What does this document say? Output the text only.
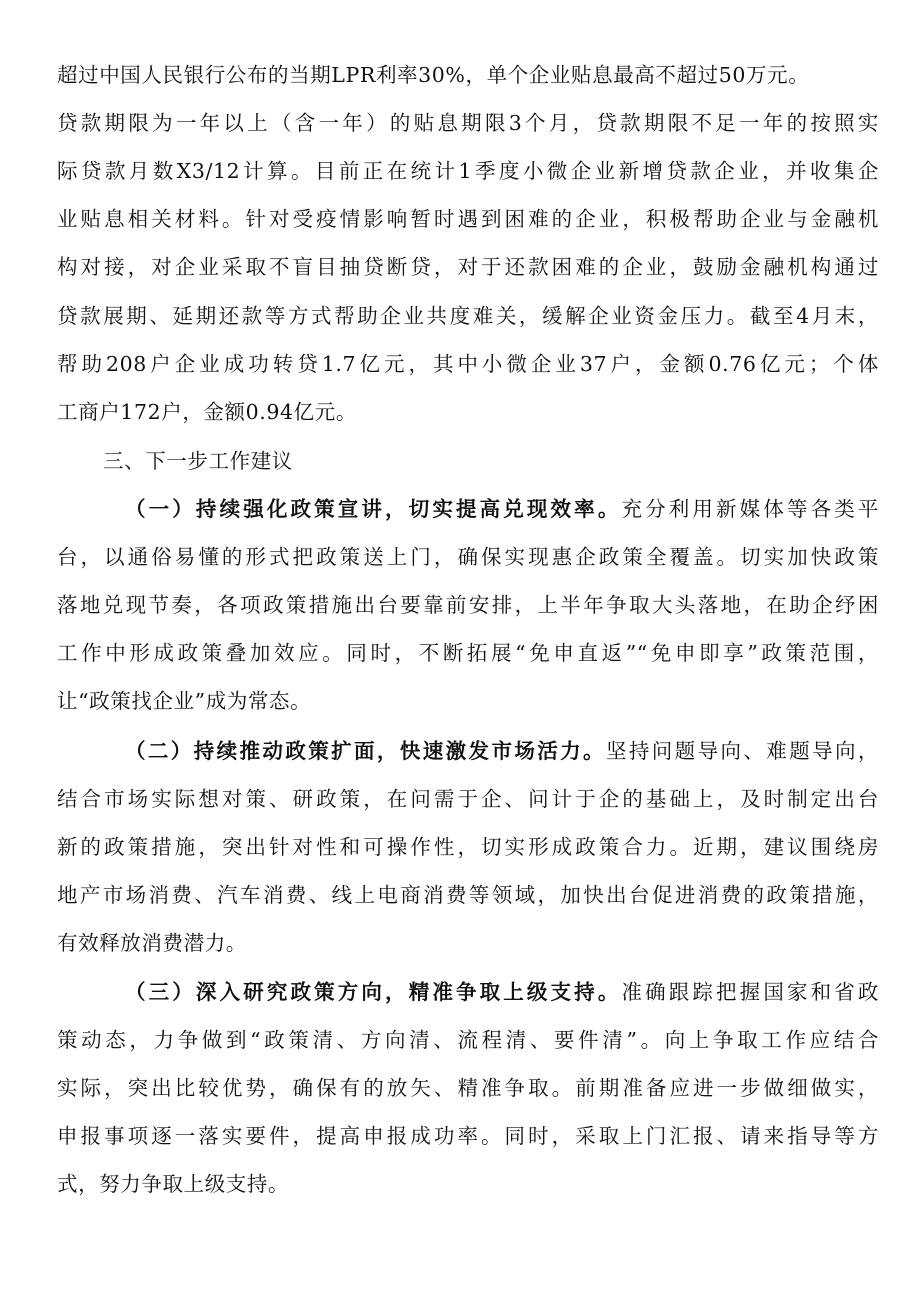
超过中国人民银行公布的当期LPR利率30%，单个企业贴息最高不超过50万元。
贷款期限为一年以上（含一年）的贴息期限3个月，贷款期限不足一年的按照实
际贷款月数X3/12计算。目前正在统计1季度小微企业新增贷款企业，并收集企
业贴息相关材料。针对受疫情影响暂时遇到困难的企业，积极帮助企业与金融机
构对接，对企业采取不盲目抽贷断贷，对于还款困难的企业，鼓励金融机构通过
贷款展期、延期还款等方式帮助企业共度难关，缓解企业资金压力。截至4月末，
帮助208户企业成功转贷1.7亿元，其中小微企业37户，金额0.76亿元；个体
工商户172户，金额0.94亿元。
三、下一步工作建议
（一）持续强化政策宣讲，切实提高兑现效率。充分利用新媒体等各类平
台，以通俗易懂的形式把政策送上门，确保实现惠企政策全覆盖。切实加快政策
落地兑现节奏，各项政策措施出台要靠前安排，上半年争取大头落地，在助企纾困
工作中形成政策叠加效应。同时，不断拓展“免申直返”“免申即享”政策范围，
让“政策找企业”成为常态。
（二）持续推动政策扩面，快速激发市场活力。坚持问题导向、难题导向，
结合市场实际想对策、研政策，在问需于企、问计于企的基础上，及时制定出台
新的政策措施，突出针对性和可操作性，切实形成政策合力。近期，建议围绕房
地产市场消费、汽车消费、线上电商消费等领域，加快出台促进消费的政策措施，
有效释放消费潜力。
（三）深入研究政策方向，精准争取上级支持。准确跟踪把握国家和省政
策动态，力争做到“政策清、方向清、流程清、要件清”。向上争取工作应结合
实际，突出比较优势，确保有的放矢、精准争取。前期准备应进一步做细做实，
申报事项逐一落实要件，提高申报成功率。同时，采取上门汇报、请来指导等方
式，努力争取上级支持。
